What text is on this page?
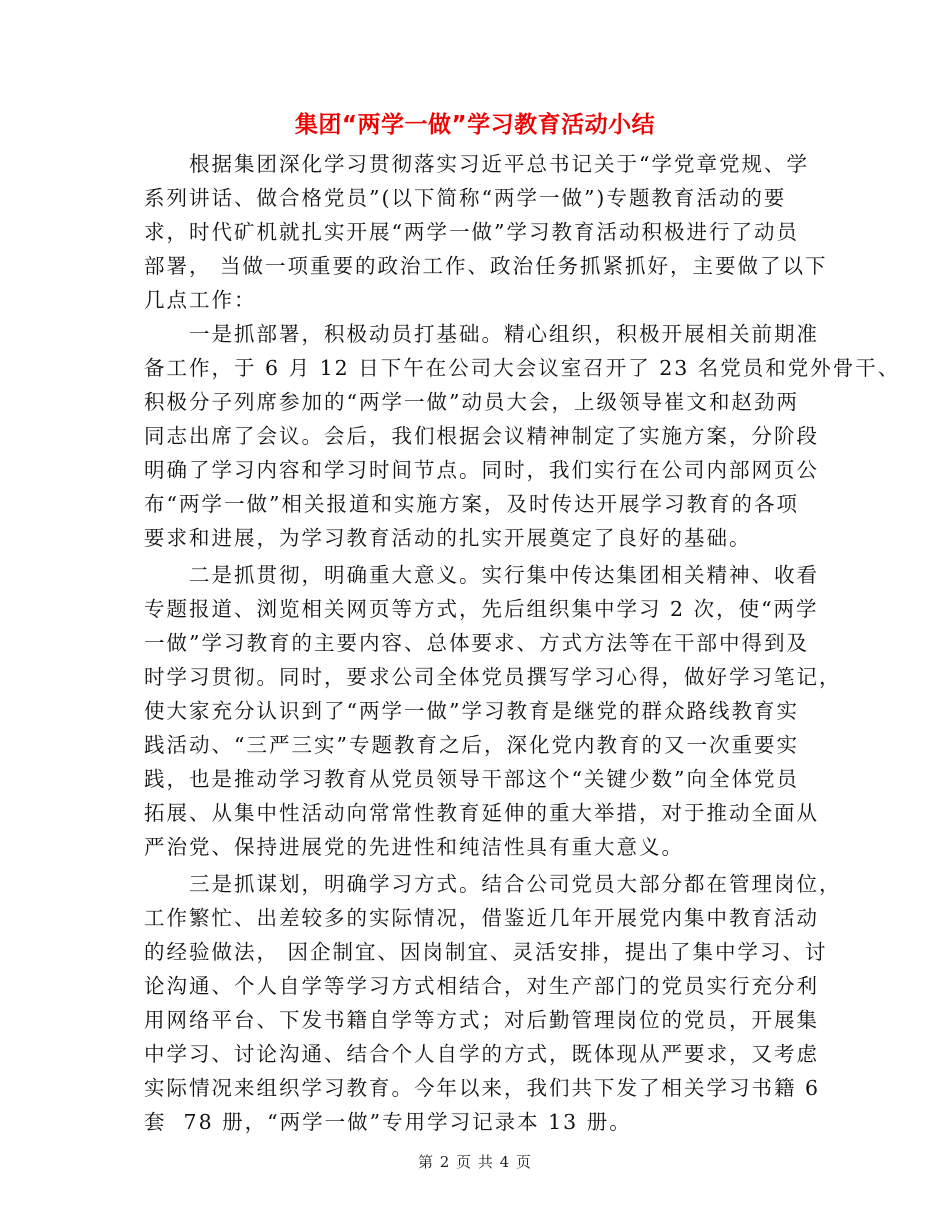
集团“两学一做”学习教育活动小结
　　根据集团深化学习贯彻落实习近平总书记关于“学党章党规、学
系列讲话、做合格党员”(以下简称“两学一做”)专题教育活动的要
求，时代矿机就扎实开展“两学一做”学习教育活动积极进行了动员
部署， 当做一项重要的政治工作、政治任务抓紧抓好，主要做了以下
几点工作：
　　一是抓部署，积极动员打基础。精心组织，积极开展相关前期准
备工作，于 6 月 12 日下午在公司大会议室召开了 23 名党员和党外骨干、
积极分子列席参加的“两学一做”动员大会，上级领导崔文和赵劲两
同志出席了会议。会后，我们根据会议精神制定了实施方案，分阶段
明确了学习内容和学习时间节点。同时，我们实行在公司内部网页公
布“两学一做”相关报道和实施方案，及时传达开展学习教育的各项
要求和进展，为学习教育活动的扎实开展奠定了良好的基础。
　　二是抓贯彻，明确重大意义。实行集中传达集团相关精神、收看
专题报道、浏览相关网页等方式，先后组织集中学习 2 次，使“两学
一做”学习教育的主要内容、总体要求、方式方法等在干部中得到及
时学习贯彻。同时，要求公司全体党员撰写学习心得，做好学习笔记，
使大家充分认识到了“两学一做”学习教育是继党的群众路线教育实
践活动、“三严三实”专题教育之后，深化党内教育的又一次重要实
践，也是推动学习教育从党员领导干部这个“关键少数”向全体党员
拓展、从集中性活动向常常性教育延伸的重大举措，对于推动全面从
严治党、保持进展党的先进性和纯洁性具有重大意义。
　　三是抓谋划，明确学习方式。结合公司党员大部分都在管理岗位，
工作繁忙、出差较多的实际情况，借鉴近几年开展党内集中教育活动
的经验做法， 因企制宜、因岗制宜、灵活安排，提出了集中学习、讨
论沟通、个人自学等学习方式相结合，对生产部门的党员实行充分利
用网络平台、下发书籍自学等方式；对后勤管理岗位的党员，开展集
中学习、讨论沟通、结合个人自学的方式，既体现从严要求，又考虑
实际情况来组织学习教育。今年以来，我们共下发了相关学习书籍 6
套  78 册，“两学一做”专用学习记录本 13 册。
第 2 页 共 4 页
